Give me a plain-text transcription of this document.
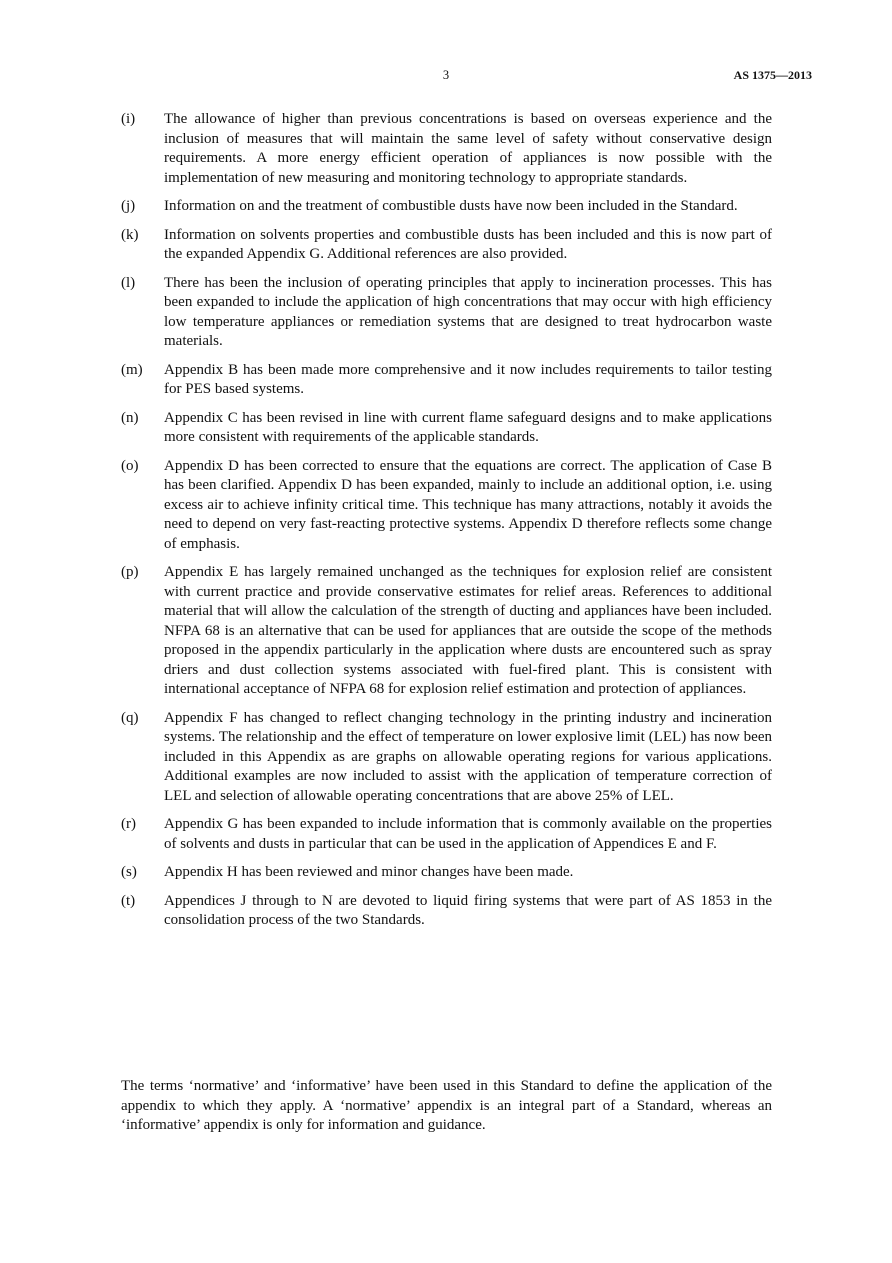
3	AS 1375—2013
(i)	The allowance of higher than previous concentrations is based on overseas experience and the inclusion of measures that will maintain the same level of safety without conservative design requirements. A more energy efficient operation of appliances is now possible with the implementation of new measuring and monitoring technology to appropriate standards.
(j)	Information on and the treatment of combustible dusts have now been included in the Standard.
(k)	Information on solvents properties and combustible dusts has been included and this is now part of the expanded Appendix G. Additional references are also provided.
(l)	There has been the inclusion of operating principles that apply to incineration processes. This has been expanded to include the application of high concentrations that may occur with high efficiency low temperature appliances or remediation systems that are designed to treat hydrocarbon waste materials.
(m)	Appendix B has been made more comprehensive and it now includes requirements to tailor testing for PES based systems.
(n)	Appendix C has been revised in line with current flame safeguard designs and to make applications more consistent with requirements of the applicable standards.
(o)	Appendix D has been corrected to ensure that the equations are correct. The application of Case B has been clarified. Appendix D has been expanded, mainly to include an additional option, i.e. using excess air to achieve infinity critical time. This technique has many attractions, notably it avoids the need to depend on very fast-reacting protective systems. Appendix D therefore reflects some change of emphasis.
(p)	Appendix E has largely remained unchanged as the techniques for explosion relief are consistent with current practice and provide conservative estimates for relief areas. References to additional material that will allow the calculation of the strength of ducting and appliances have been included. NFPA 68 is an alternative that can be used for appliances that are outside the scope of the methods proposed in the appendix particularly in the application where dusts are encountered such as spray driers and dust collection systems associated with fuel-fired plant. This is consistent with international acceptance of NFPA 68 for explosion relief estimation and protection of appliances.
(q)	Appendix F has changed to reflect changing technology in the printing industry and incineration systems. The relationship and the effect of temperature on lower explosive limit (LEL) has now been included in this Appendix as are graphs on allowable operating regions for various applications. Additional examples are now included to assist with the application of temperature correction of LEL and selection of allowable operating concentrations that are above 25% of LEL.
(r)	Appendix G has been expanded to include information that is commonly available on the properties of solvents and dusts in particular that can be used in the application of Appendices E and F.
(s)	Appendix H has been reviewed and minor changes have been made.
(t)	Appendices J through to N are devoted to liquid firing systems that were part of AS 1853 in the consolidation process of the two Standards.

The terms ‘normative’ and ‘informative’ have been used in this Standard to define the application of the appendix to which they apply. A ‘normative’ appendix is an integral part of a Standard, whereas an ‘informative’ appendix is only for information and guidance.
